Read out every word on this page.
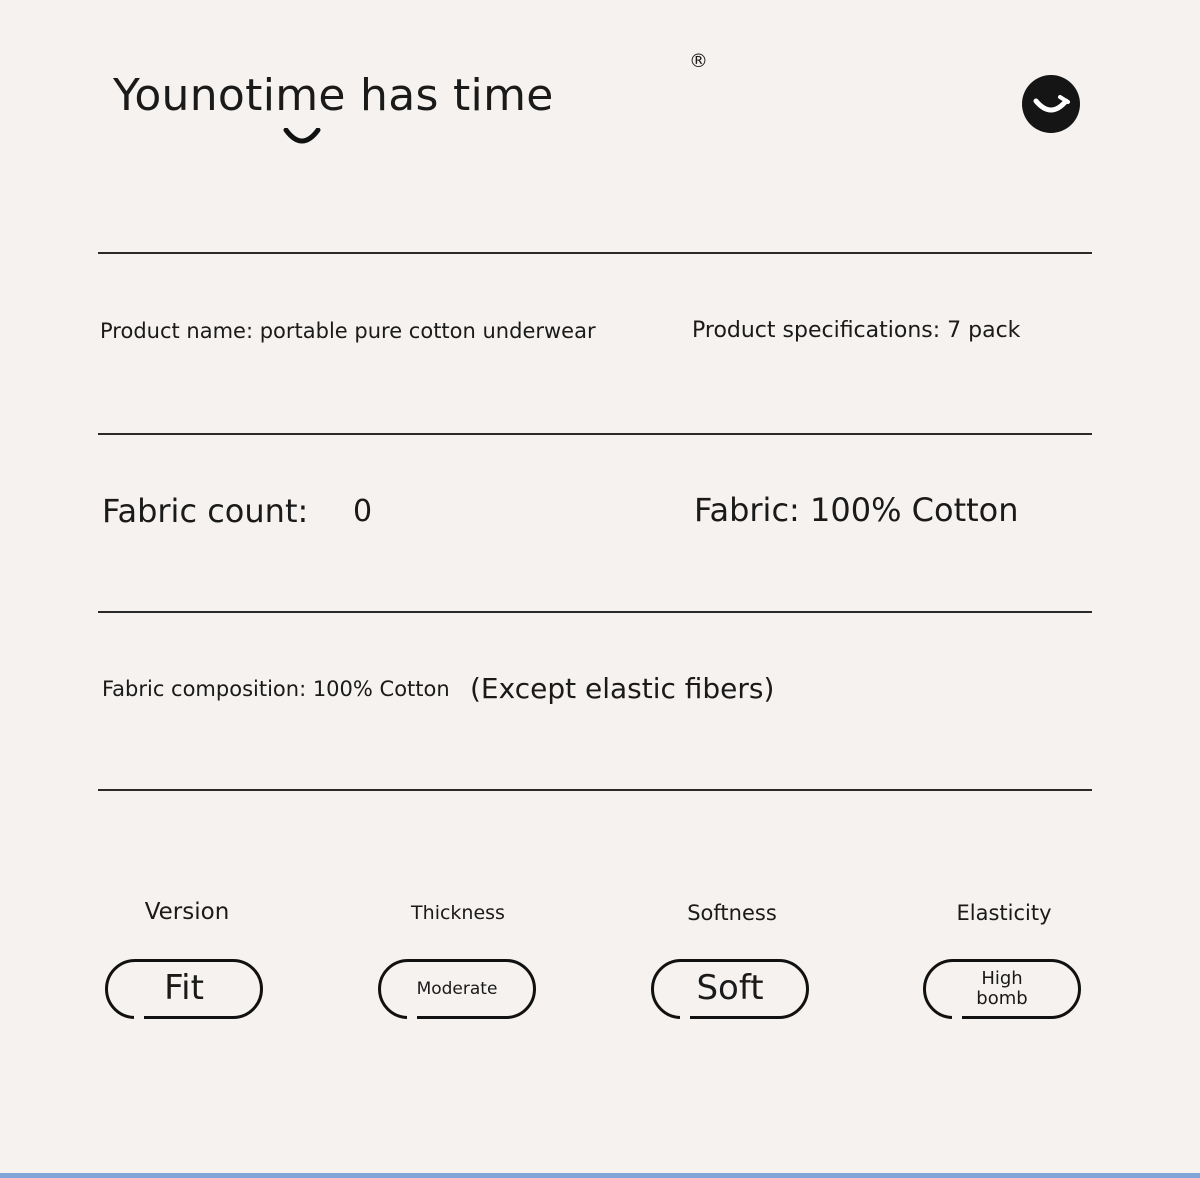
Younotime has time
®
Product name: portable pure cotton underwear	Product specifications: 7 pack
Fabric count: 0	Fabric: 100% Cotton
Fabric composition: 100% Cotton (Except elastic fibers)
Version	Thickness	Softness	Elasticity
Fit	Moderate	Soft	High bomb
